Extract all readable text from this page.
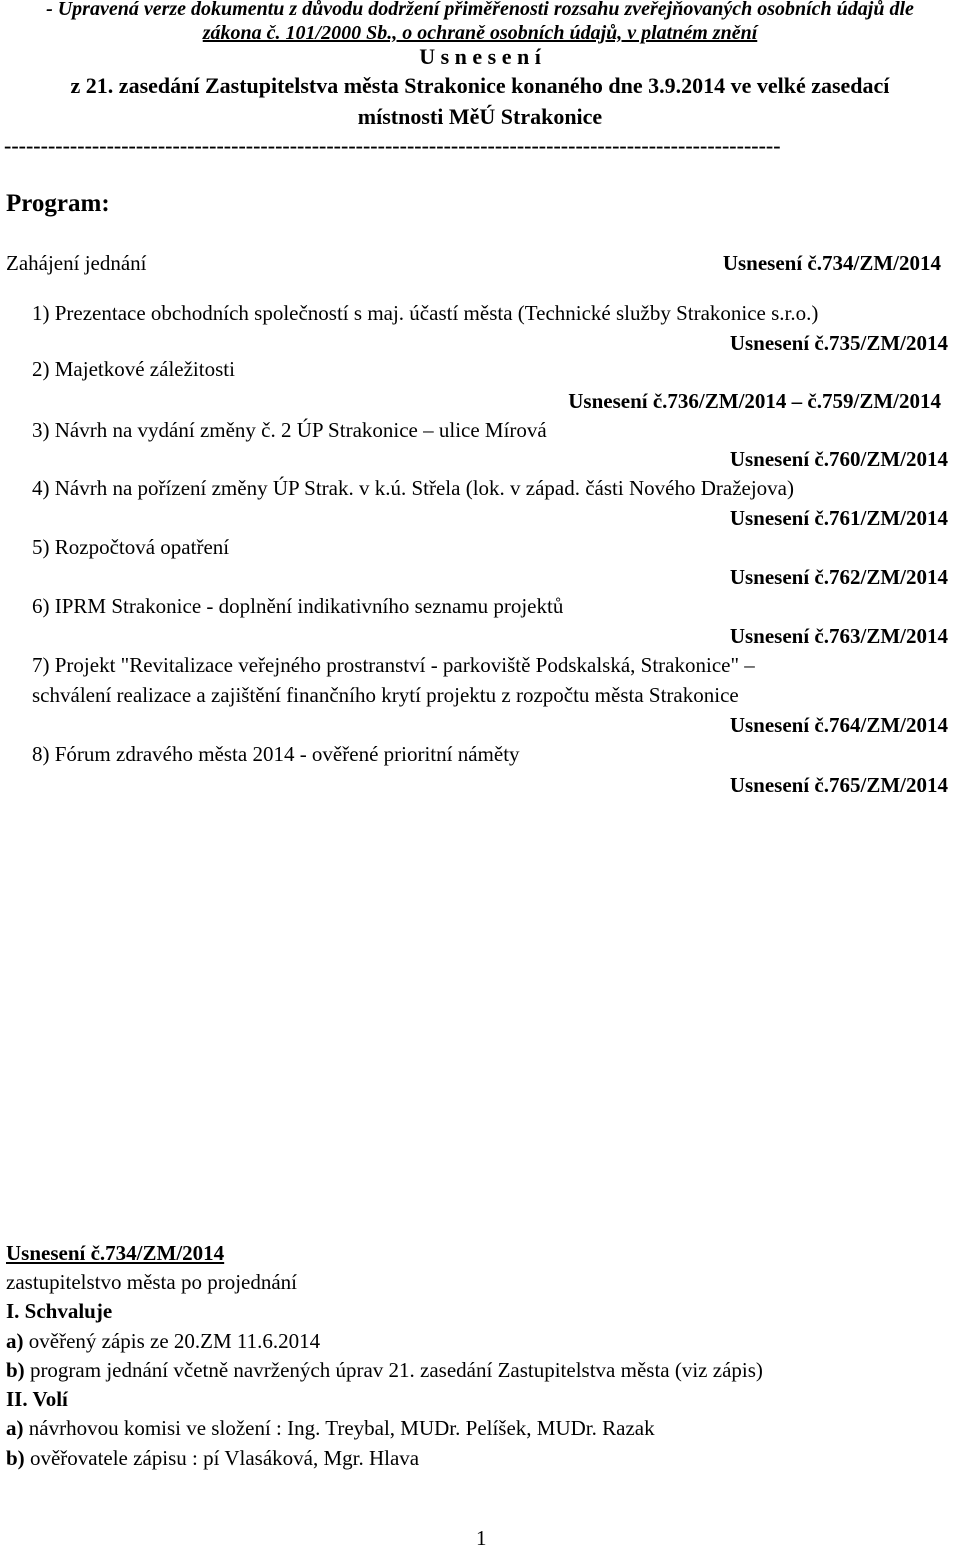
- Upravená verze dokumentu z důvodu dodržení přiměřenosti rozsahu zveřejňovaných osobních údajů dle
zákona č. 101/2000 Sb., o ochraně osobních údajů, v platném znění
U s n e s e n í
z 21. zasedání Zastupitelstva města Strakonice konaného dne 3.9.2014 ve velké zasedací
místnosti MěÚ Strakonice
----------------------------------------------------------------------------------------------------------
Program:
Zahájení jednání	Usnesení č.734/ZM/2014
1) Prezentace obchodních společností s maj. účastí města (Technické služby Strakonice s.r.o.)
Usnesení č.735/ZM/2014
2) Majetkové záležitosti
Usnesení č.736/ZM/2014 – č.759/ZM/2014
3) Návrh na vydání změny č. 2 ÚP Strakonice – ulice Mírová
Usnesení č.760/ZM/2014
4) Návrh na pořízení změny ÚP Strak. v k.ú. Střela (lok. v západ. části Nového Dražejova)
Usnesení č.761/ZM/2014
5) Rozpočtová opatření
Usnesení č.762/ZM/2014
6) IPRM Strakonice - doplnění indikativního seznamu projektů
Usnesení č.763/ZM/2014
7) Projekt "Revitalizace veřejného prostranství - parkoviště Podskalská, Strakonice" –
schválení realizace a zajištění finančního krytí projektu z rozpočtu města Strakonice
Usnesení č.764/ZM/2014
8) Fórum zdravého města 2014 - ověřené prioritní náměty
Usnesení č.765/ZM/2014
Usnesení č.734/ZM/2014
zastupitelstvo města po projednání
I. Schvaluje
a) ověřený zápis ze 20.ZM 11.6.2014
b) program jednání včetně navržených úprav 21. zasedání Zastupitelstva města (viz zápis)
II. Volí
a) návrhovou komisi ve složení : Ing. Treybal, MUDr. Pelíšek, MUDr. Razak
b) ověřovatele zápisu : pí Vlasáková, Mgr. Hlava
1
